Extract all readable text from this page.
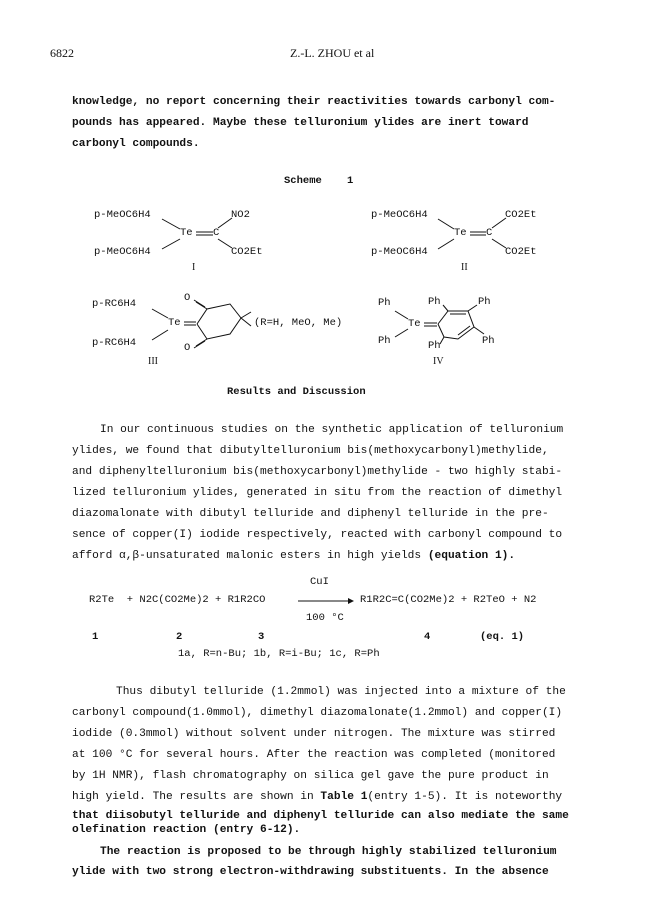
6822	Z.-L. ZHOU et al
knowledge, no report concerning their reactivities towards carbonyl com-
pounds has appeared. Maybe these telluronium ylides are inert toward
carbonyl compounds.
Scheme    1
p-MeOC6H4
p-MeOC6H4
Te C
NO2
CO2Et
I
p-MeOC6H4
p-MeOC6H4
Te C
CO2Et
CO2Et
II
p-RC6H4
p-RC6H4
Te
O
O
(R=H, MeO, Me)
III
Ph
Ph
Te
Ph	Ph
Ph	Ph
IV
Results and Discussion
In our continuous studies on the synthetic application of telluronium
ylides, we found that dibutyltelluronium bis(methoxycarbonyl)methylide,
and diphenyltelluronium bis(methoxycarbonyl)methylide - two highly stabi-
lized telluronium ylides, generated in situ from the reaction of dimethyl
diazomalonate with dibutyl telluride and diphenyl telluride in the pre-
sence of copper(I) iodide respectively, reacted with carbonyl compound to
afford α,β-unsaturated malonic esters in high yields (equation 1).
CuI
R2Te  + N2C(CO2Me)2 + R1R2CO → R1R2C=C(CO2Me)2 + R2TeO + N2
100 °C
1	2	3	4	(eq. 1)
1a, R=n-Bu; 1b, R=i-Bu; 1c, R=Ph
Thus dibutyl telluride (1.2mmol) was injected into a mixture of the
carbonyl compound(1.0mmol), dimethyl diazomalonate(1.2mmol) and copper(I)
iodide (0.3mmol) without solvent under nitrogen. The mixture was stirred
at 100 °C for several hours. After the reaction was completed (monitored
by 1H NMR), flash chromatography on silica gel gave the pure product in
high yield. The results are shown in Table 1(entry 1-5). It is noteworthy
that diisobutyl telluride and diphenyl telluride can also mediate the same
olefination reaction (entry 6-12).
The reaction is proposed to be through highly stabilized telluronium
ylide with two strong electron-withdrawing substituents. In the absence
